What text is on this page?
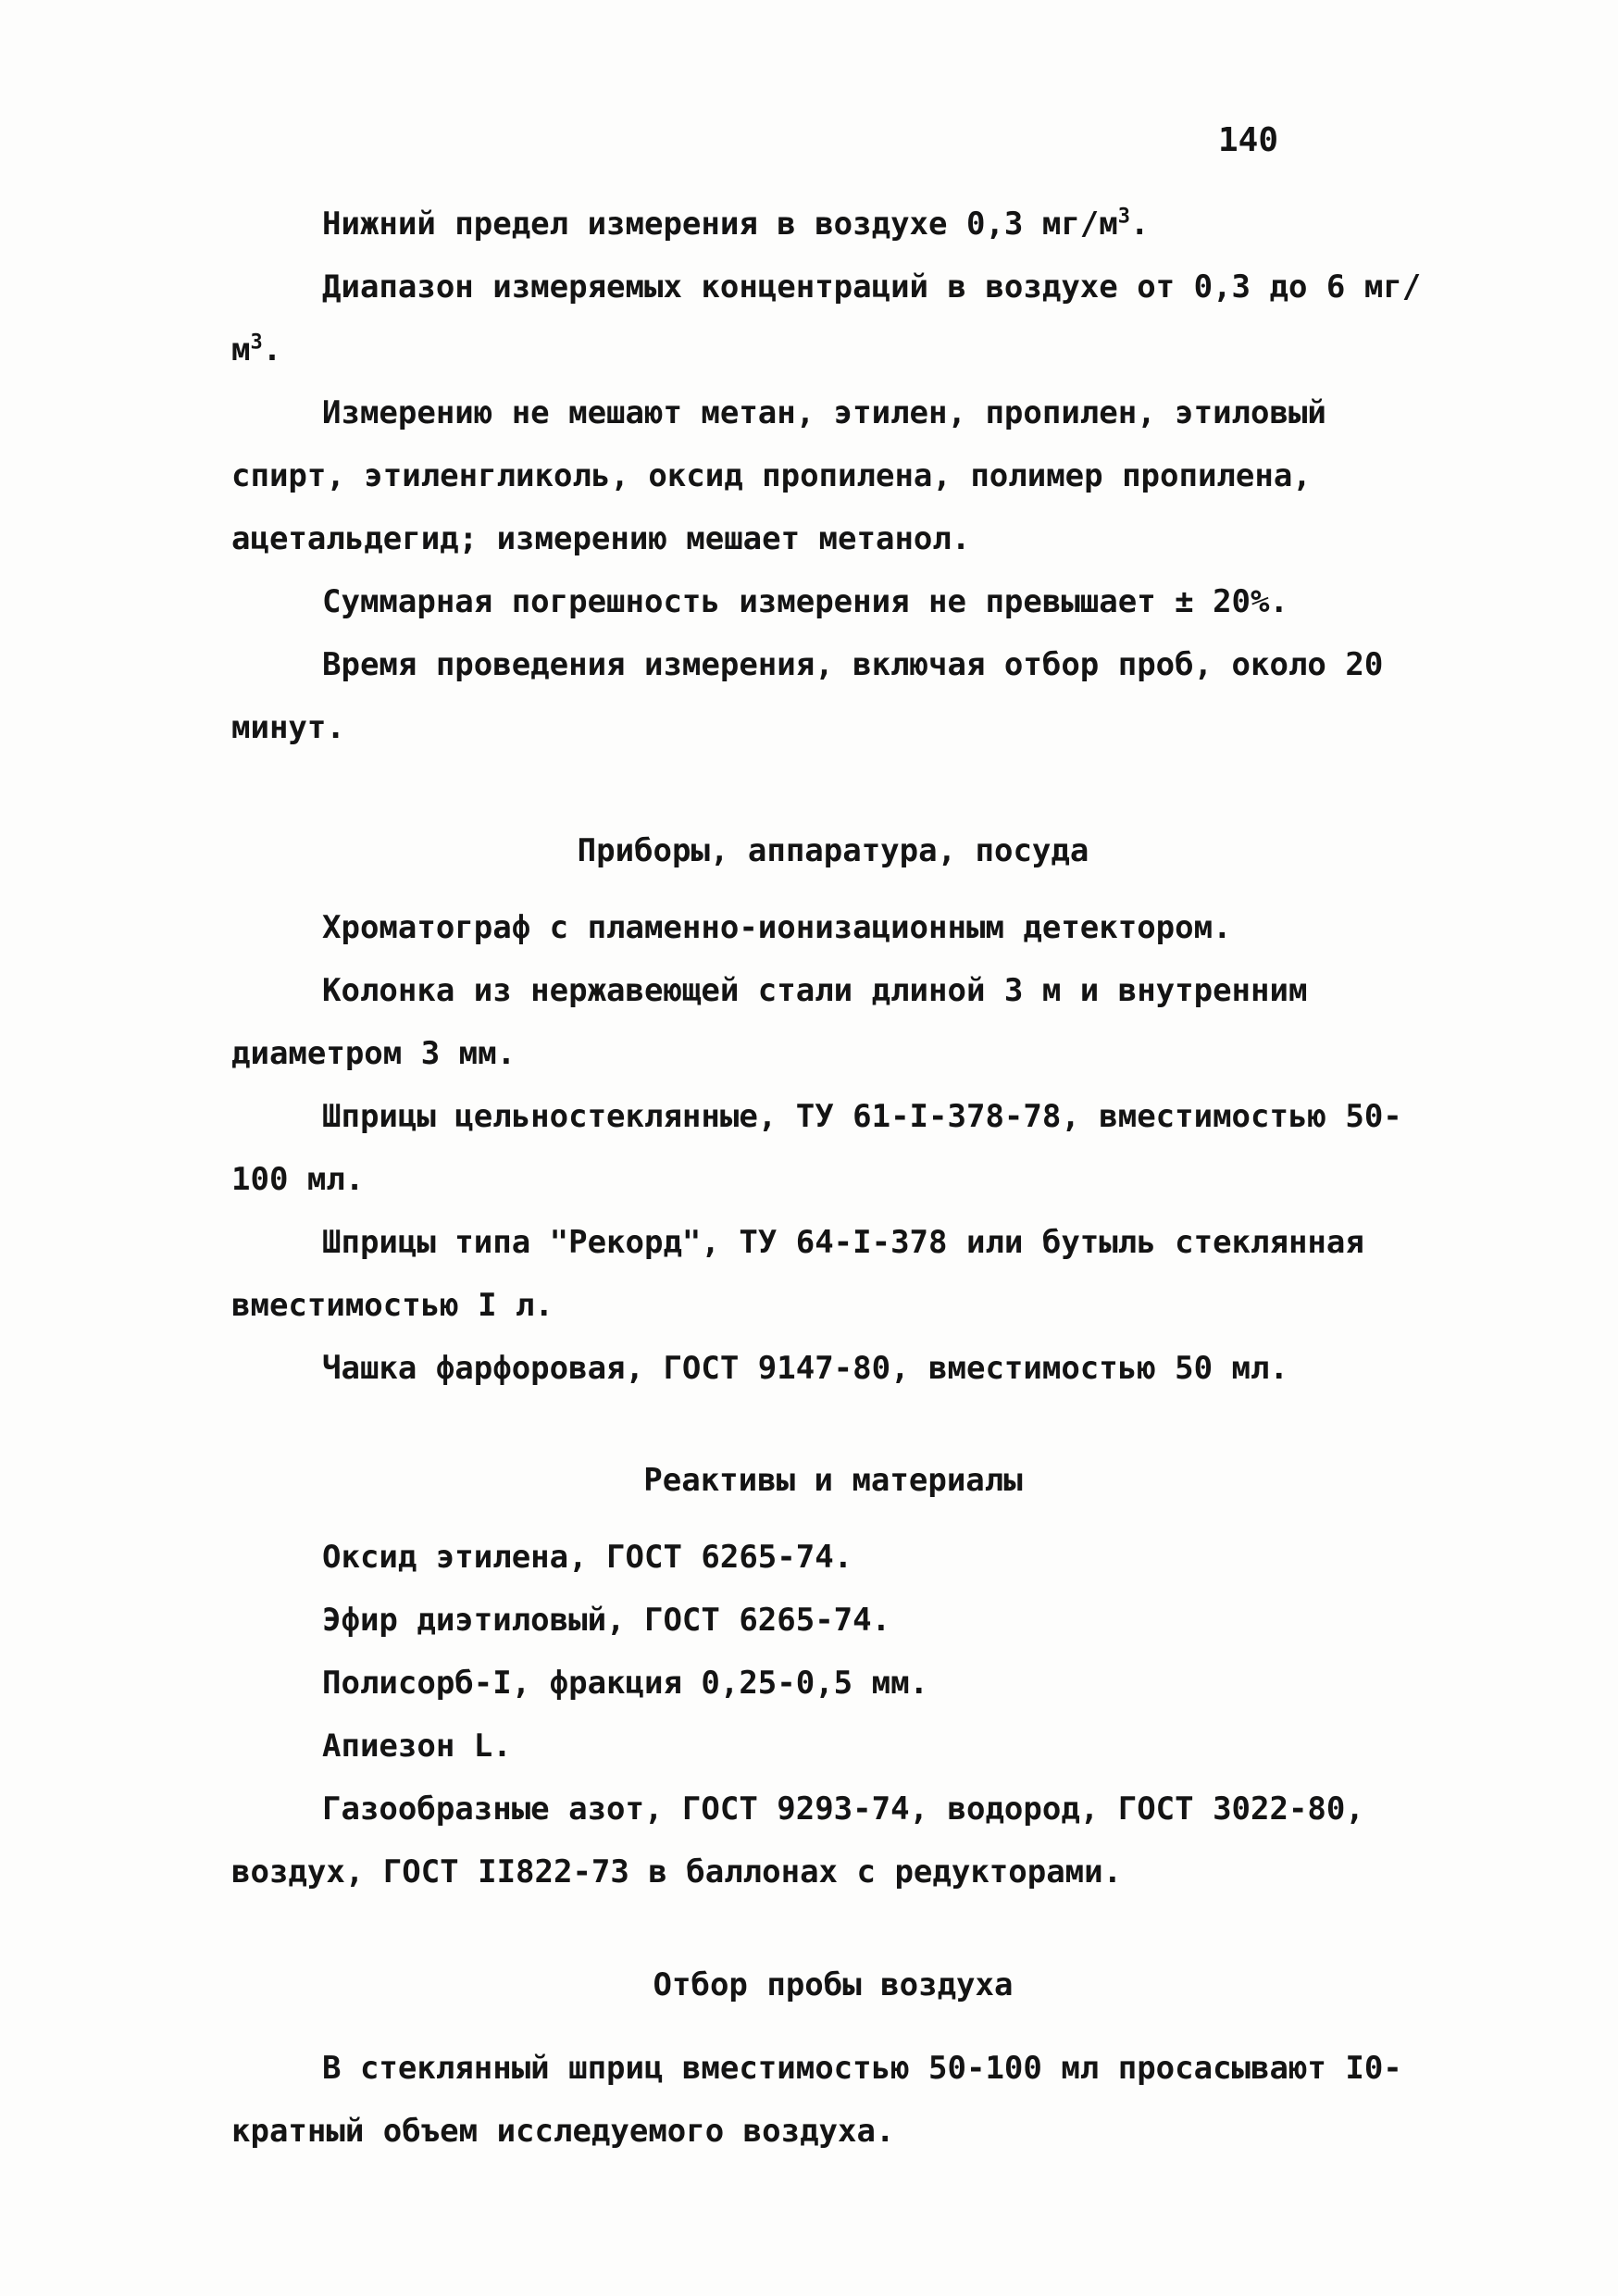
140

Нижний предел измерения в воздухе 0,3 $мг/м^3$.

Диапазон измеряемых концентраций в воздухе от 0,3 до 6 $мг/м^3$.

Измерению не мешают метан, этилен, пропилен, этиловый спирт, этиленгликоль, оксид пропилена, полимер пропилена, ацетальдегид; измерению мешает метанол.

Суммарная погрешность измерения не превышает ± 20%.

Время проведения измерения, включая отбор проб, около 20 минут.

Приборы, аппаратура, посуда

Хроматограф с пламенно-ионизационным детектором.

Колонка из нержавеющей стали длиной 3 м и внутренним диаметром 3 мм.

Шприцы цельностеклянные, ТУ 61-I-378-78, вместимостью 50-100 мл.

Шприцы типа "Рекорд", ТУ 64-I-378 или бутыль стеклянная вместимостью I л.

Чашка фарфоровая, ГОСТ 9147-80, вместимостью 50 мл.

Реактивы и материалы

Оксид этилена, ГОСТ 6265-74.

Эфир диэтиловый, ГОСТ 6265-74.

Полисорб-I, фракция 0,25-0,5 мм.

Апиезон L.

Газообразные азот, ГОСТ 9293-74, водород, ГОСТ 3022-80, воздух, ГОСТ II822-73 в баллонах с редукторами.

Отбор пробы воздуха

В стеклянный шприц вместимостью 50-100 мл просасывают I0-кратный объем исследуемого воздуха.
